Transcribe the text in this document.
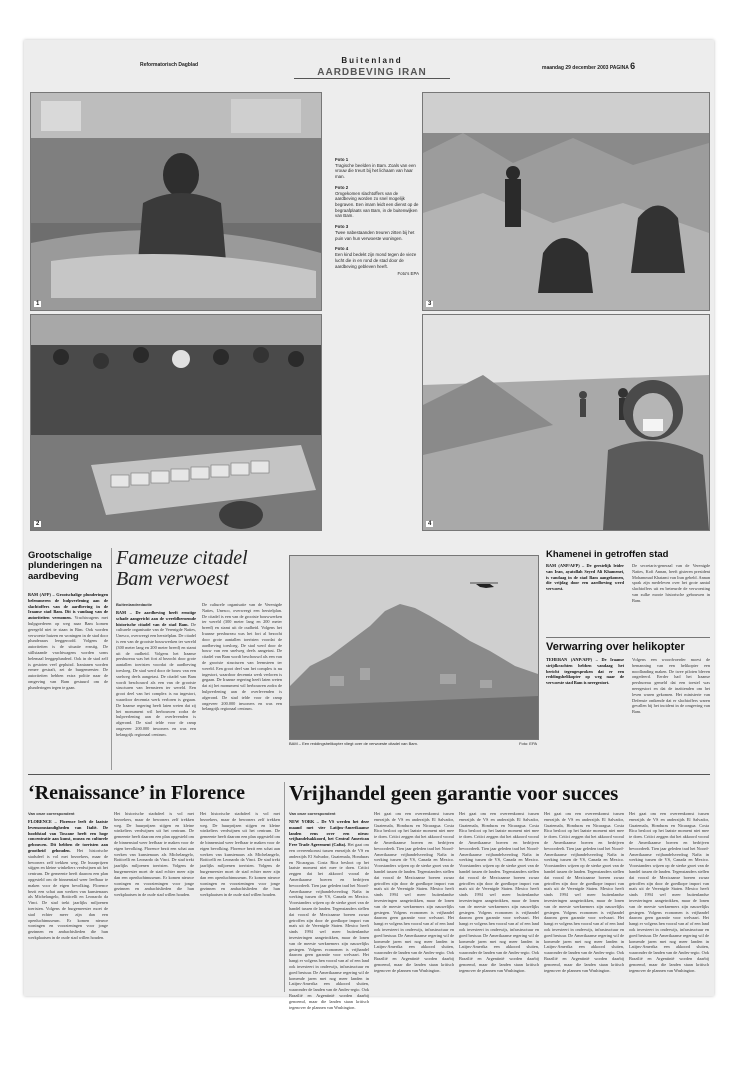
Reformatorisch Dagblad	Buitenland
AARDBEVING IRAN	maandag 29 december 2003 PAGINA 6
1
Foto 1
Tragische beelden in Bam. Zoals van een vrouw die treurt bij het lichaam van haar man.
Foto 2
Omgekomen slachtoffers van de aardbeving worden zo snel mogelijk begraven. Een imam leidt een dienst op de begraafplaats van Bam, in de buitenwijken van Bam.
Foto 3
Twee nabestaanden treuren zitten bij het puin van hun verwoeste woningen.
Foto 4
Een kind bedekt zijn mond tegen de vieze lucht die in en rond de stad door de aardbeving gebleven heeft.
Foto's EPA
3
2	4
Grootschalige plunderingen na aardbeving
BAM (AFP) – Grootschalige plunderingen belemmeren de hulpverlening aan de slachtoffers van de aardbeving in de Iraanse stad Bam. Dit is vandaag van de autoriteiten vernomen. Vrachtwagens met hulpgoederen op weg naar Bam komen geregeld niet te staan in Bim. Ook worden verwoeste huizen en woningen in de stad door plunderaars leeggeroofd. Volgens de autoriteiten is de situatie ernstig. De stillstaande vrachtwagens worden soms helemaal leeggeplunderd. Ook in de stad zelf is gestoten veel gepluisd. Iranianen worden ermee gestraft, zei de burgemeester. De autoriteiten hebben extra politie naar de omgeving van Bam gestuurd om de plunderingen tegen te gaan.
Fameuze citadel Bam verwoest
Buitenlandredactie
BAM – De aardbeving heeft ernstige schade aangericht aan de wereldberoemde historische citadel van de stad Bam. De culturele organisatie van de Verenigde Naties, Unesco, overweegt een herstelplan. De citadel is een van de grootste bouwwerken ter wereld (300 meter lang en 200 meter breed) en stamt uit de oudheid. Volgens het Iraanse persbureau was het fort al bezocht door grote aantallen toeristen voordat de aardbeving toesloeg. De stad werd door de bouw van een snelweg deels aangetast. De citadel van Bam wordt beschouwd als een van de grootste structuren van leemsteen ter wereld. Een groot deel van het complex is nu ingestort, waardoor decennia werk verloren is gegaan. De Iraanse regering heeft laten weten dat zij het monument wil herbouwen zodra de hulpverlening aan de overlevenden is afgerond. De stad telde voor de ramp ongeveer 200.000 inwoners en was een belangrijk regionaal centrum.
De culturele organisatie van de Verenigde Naties, Unesco, overweegt een herstelplan. De citadel is een van de grootste bouwwerken ter wereld (300 meter lang en 200 meter breed) en stamt uit de oudheid. Volgens het Iraanse persbureau was het fort al bezocht door grote aantallen toeristen voordat de aardbeving toesloeg. De stad werd door de bouw van een snelweg deels aangetast. De citadel van Bam wordt beschouwd als een van de grootste structuren van leemsteen ter wereld. Een groot deel van het complex is nu ingestort, waardoor decennia werk verloren is gegaan. De Iraanse regering heeft laten weten dat zij het monument wil herbouwen zodra de hulpverlening aan de overlevenden is afgerond. De stad telde voor de ramp ongeveer 200.000 inwoners en was een belangrijk regionaal centrum.
BAM – Een reddingshelikopter vliegt over de verwoeste citadel van Bam.	Foto: EPA
Khamenei in getroffen stad
BAM (ANP/AFP) – De geestelijk leider van Iran, ayatollah Seyed Ali Khamenei, is vandaag in de stad Bam aangekomen, die vrijdag door een aardbeving werd verwoest.
De secretaris-generaal van de Verenigde Naties, Kofi Annan, heeft gisteren president Mohammad Khatami van Iran gebeld. Annan sprak zijn medeleven over het grote aantal slachtoffers uit en betreurde de verwoesting van zulke mooie historische gebouwen in Bam.
Verwarring over helikopter
TEHERAN (ANP/AFP) – De Iraanse strijdkrachten hebben vandaag het bericht tegengesproken dat er een reddingshelikopter op weg naar de verwoeste stad Bam is neergestort.
Volgens een woordvoerder moest de bemanning van een helikopter een noodlanding maken. De twee piloten bleven ongedeerd. Eerder had het Iraanse persbureau gemeld dat een toestel was neergestort en dat de inzittenden om het leven waren gekomen. Het ministerie van Defensie ontkende dat er slachtoffers waren gevallen bij het incident in de omgeving van Bam.
‘Renaissance’ in Florence
Van onze correspondent
FLORENCE – Florence leeft de laatste levensomstandigheden van Italië. De hoofdstad van Toscane heeft een hoge concentratie aan kunst, musea en culturele gebouwen. Dit hebben de toeristen aan grootheid gehouden. Het historische stadsdeel is vol met bezoekers, maar de bewoners zelf trekken weg. De huurprijzen stijgen en kleine winkeliers verdwijnen uit het centrum. De gemeente heeft daarom een plan opgesteld om de binnenstad weer leefbaar te maken voor de eigen bevolking. Florence bezit een schat aan werken van kunstenaars als Michelangelo, Botticelli en Leonardo da Vinci. De stad trekt jaarlijks miljoenen toeristen. Volgens de burgemeester moet de stad echter meer zijn dan een openluchtmuseum. Er komen nieuwe woningen en voorzieningen voor jonge gezinnen en ambachtslieden die hun werkplaatsen in de oude stad willen houden.
Het historische stadsdeel is vol met bezoekers, maar de bewoners zelf trekken weg. De huurprijzen stijgen en kleine winkeliers verdwijnen uit het centrum. De gemeente heeft daarom een plan opgesteld om de binnenstad weer leefbaar te maken voor de eigen bevolking. Florence bezit een schat aan werken van kunstenaars als Michelangelo, Botticelli en Leonardo da Vinci. De stad trekt jaarlijks miljoenen toeristen. Volgens de burgemeester moet de stad echter meer zijn dan een openluchtmuseum. Er komen nieuwe woningen en voorzieningen voor jonge gezinnen en ambachtslieden die hun werkplaatsen in de oude stad willen houden.
Het historische stadsdeel is vol met bezoekers, maar de bewoners zelf trekken weg. De huurprijzen stijgen en kleine winkeliers verdwijnen uit het centrum. De gemeente heeft daarom een plan opgesteld om de binnenstad weer leefbaar te maken voor de eigen bevolking. Florence bezit een schat aan werken van kunstenaars als Michelangelo, Botticelli en Leonardo da Vinci. De stad trekt jaarlijks miljoenen toeristen. Volgens de burgemeester moet de stad echter meer zijn dan een openluchtmuseum. Er komen nieuwe woningen en voorzieningen voor jonge gezinnen en ambachtslieden die hun werkplaatsen in de oude stad willen houden.
Vrijhandel geen garantie voor succes
Van onze correspondent
NEW YORK – De VS werden het deze maand met vier Latijns-Amerikaanse landen eens over een nieuw vrijhandelsakkoord, het Central American Free Trade Agreement (Cafta). Het gaat om een overeenkomst tussen enerzijds de VS en anderzijds El Salvador, Guatemala, Honduras en Nicaragua. Costa Rica besloot op het laatste moment niet mee te doen. Critici zeggen dat het akkoord vooral de Amerikaanse boeren en bedrijven bevoordeelt. Tien jaar geleden trad het Noord-Amerikaanse vrijhandelsverdrag Nafta in werking tussen de VS, Canada en Mexico. Voorstanders wijzen op de sterke groei van de handel tussen de landen. Tegenstanders stellen dat vooral de Mexicaanse boeren zwaar getroffen zijn door de goedkope import van maïs uit de Verenigde Staten. Mexico heeft sinds 1994 wel meer buitenlandse investeringen aangetrokken, maar de lonen van de meeste werknemers zijn nauwelijks gestegen. Volgens economen is vrijhandel daarom geen garantie voor welvaart. Het hangt er volgens hen vooral van af of een land ook investeert in onderwijs, infrastructuur en goed bestuur. De Amerikaanse regering wil de komende jaren met nog meer landen in Latijns-Amerika een akkoord sluiten, waaronder de landen van de Andes-regio. Ook Brazilië en Argentinië worden daarbij genoemd, maar die landen staan kritisch tegenover de plannen van Washington.
Het gaat om een overeenkomst tussen enerzijds de VS en anderzijds El Salvador, Guatemala, Honduras en Nicaragua. Costa Rica besloot op het laatste moment niet mee te doen. Critici zeggen dat het akkoord vooral de Amerikaanse boeren en bedrijven bevoordeelt. Tien jaar geleden trad het Noord-Amerikaanse vrijhandelsverdrag Nafta in werking tussen de VS, Canada en Mexico. Voorstanders wijzen op de sterke groei van de handel tussen de landen. Tegenstanders stellen dat vooral de Mexicaanse boeren zwaar getroffen zijn door de goedkope import van maïs uit de Verenigde Staten. Mexico heeft sinds 1994 wel meer buitenlandse investeringen aangetrokken, maar de lonen van de meeste werknemers zijn nauwelijks gestegen. Volgens economen is vrijhandel daarom geen garantie voor welvaart. Het hangt er volgens hen vooral van af of een land ook investeert in onderwijs, infrastructuur en goed bestuur. De Amerikaanse regering wil de komende jaren met nog meer landen in Latijns-Amerika een akkoord sluiten, waaronder de landen van de Andes-regio. Ook Brazilië en Argentinië worden daarbij genoemd, maar die landen staan kritisch tegenover de plannen van Washington.
Het gaat om een overeenkomst tussen enerzijds de VS en anderzijds El Salvador, Guatemala, Honduras en Nicaragua. Costa Rica besloot op het laatste moment niet mee te doen. Critici zeggen dat het akkoord vooral de Amerikaanse boeren en bedrijven bevoordeelt. Tien jaar geleden trad het Noord-Amerikaanse vrijhandelsverdrag Nafta in werking tussen de VS, Canada en Mexico. Voorstanders wijzen op de sterke groei van de handel tussen de landen. Tegenstanders stellen dat vooral de Mexicaanse boeren zwaar getroffen zijn door de goedkope import van maïs uit de Verenigde Staten. Mexico heeft sinds 1994 wel meer buitenlandse investeringen aangetrokken, maar de lonen van de meeste werknemers zijn nauwelijks gestegen. Volgens economen is vrijhandel daarom geen garantie voor welvaart. Het hangt er volgens hen vooral van af of een land ook investeert in onderwijs, infrastructuur en goed bestuur. De Amerikaanse regering wil de komende jaren met nog meer landen in Latijns-Amerika een akkoord sluiten, waaronder de landen van de Andes-regio. Ook Brazilië en Argentinië worden daarbij genoemd, maar die landen staan kritisch tegenover de plannen van Washington.
Het gaat om een overeenkomst tussen enerzijds de VS en anderzijds El Salvador, Guatemala, Honduras en Nicaragua. Costa Rica besloot op het laatste moment niet mee te doen. Critici zeggen dat het akkoord vooral de Amerikaanse boeren en bedrijven bevoordeelt. Tien jaar geleden trad het Noord-Amerikaanse vrijhandelsverdrag Nafta in werking tussen de VS, Canada en Mexico. Voorstanders wijzen op de sterke groei van de handel tussen de landen. Tegenstanders stellen dat vooral de Mexicaanse boeren zwaar getroffen zijn door de goedkope import van maïs uit de Verenigde Staten. Mexico heeft sinds 1994 wel meer buitenlandse investeringen aangetrokken, maar de lonen van de meeste werknemers zijn nauwelijks gestegen. Volgens economen is vrijhandel daarom geen garantie voor welvaart. Het hangt er volgens hen vooral van af of een land ook investeert in onderwijs, infrastructuur en goed bestuur. De Amerikaanse regering wil de komende jaren met nog meer landen in Latijns-Amerika een akkoord sluiten, waaronder de landen van de Andes-regio. Ook Brazilië en Argentinië worden daarbij genoemd, maar die landen staan kritisch tegenover de plannen van Washington.
Het gaat om een overeenkomst tussen enerzijds de VS en anderzijds El Salvador, Guatemala, Honduras en Nicaragua. Costa Rica besloot op het laatste moment niet mee te doen. Critici zeggen dat het akkoord vooral de Amerikaanse boeren en bedrijven bevoordeelt. Tien jaar geleden trad het Noord-Amerikaanse vrijhandelsverdrag Nafta in werking tussen de VS, Canada en Mexico. Voorstanders wijzen op de sterke groei van de handel tussen de landen. Tegenstanders stellen dat vooral de Mexicaanse boeren zwaar getroffen zijn door de goedkope import van maïs uit de Verenigde Staten. Mexico heeft sinds 1994 wel meer buitenlandse investeringen aangetrokken, maar de lonen van de meeste werknemers zijn nauwelijks gestegen. Volgens economen is vrijhandel daarom geen garantie voor welvaart. Het hangt er volgens hen vooral van af of een land ook investeert in onderwijs, infrastructuur en goed bestuur. De Amerikaanse regering wil de komende jaren met nog meer landen in Latijns-Amerika een akkoord sluiten, waaronder de landen van de Andes-regio. Ook Brazilië en Argentinië worden daarbij genoemd, maar die landen staan kritisch tegenover de plannen van Washington.
